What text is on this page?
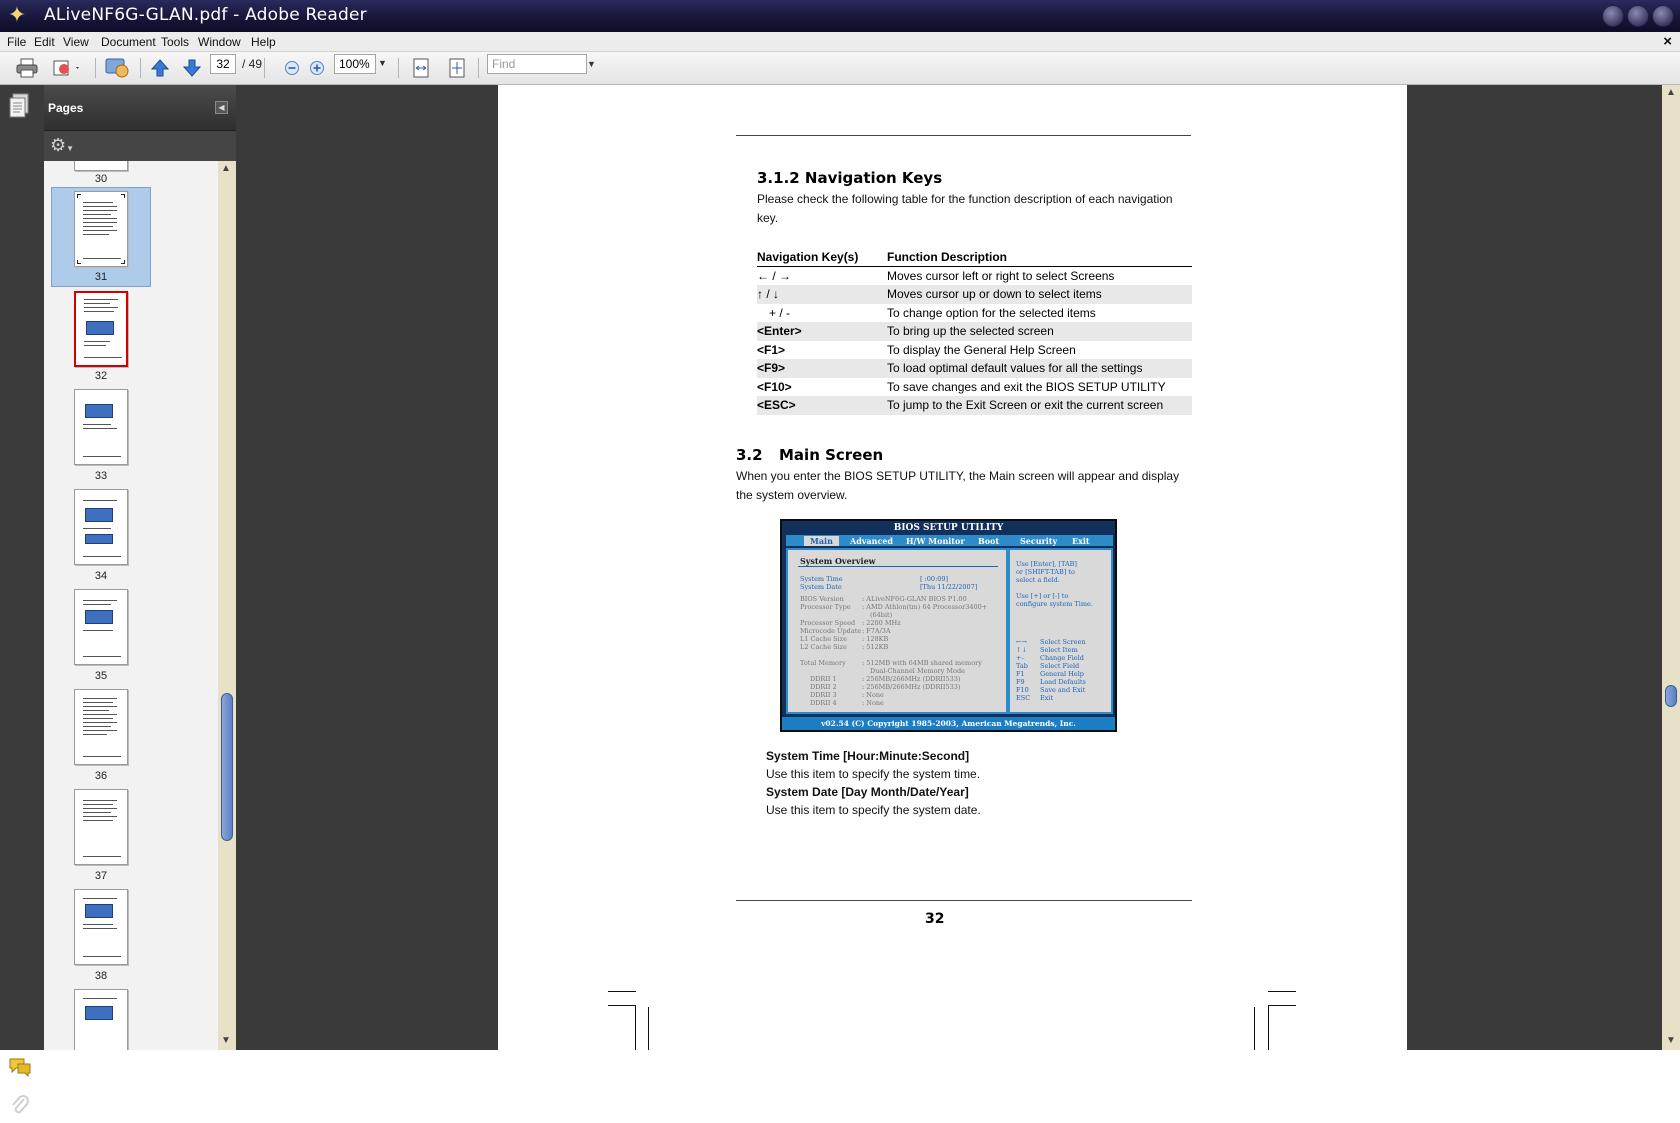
✦ ALiveNF6G-GLAN.pdf - Adobe Reader
File Edit View Document Tools Window Help	×
32
/ 49	100% ▼	Find	▼
Pages	◀
⚙▼
30
31
32
33
34
35
36
37
38
▲
▼
3.1.2 Navigation Keys
Please check the following table for the function description of each navigation key.
Navigation Key(s)	Function Description
← / →	Moves cursor left or right to select Screens
↑ / ↓	Moves cursor up or down to select items
+ / -	To change option for the selected items
<Enter>	To bring up the selected screen
<F1>	To display the General Help Screen
<F9>	To load optimal default values for all the settings
<F10>	To save changes and exit the BIOS SETUP UTILITY
<ESC>	To jump to the Exit Screen or exit the current screen
3.2 Main Screen
When you enter the BIOS SETUP UTILITY, the Main screen will appear and display the system overview.
BIOS SETUP UTILITY
Main	Advanced H/W Monitor Boot	Security Exit
System Overview
System Time	[ :00:09]
System Date	[Thu 11/22/2007]
BIOS Version	: ALiveNF6G-GLAN BIOS P1.00
Processor Type : AMD Athlon(tm) 64 Processor3400+
(64bit)
Processor Speed : 2200 MHz
Microcode Update : F7A/3A
L1 Cache Size : 128KB
L2 Cache Size : 512KB
Total Memory	: 512MB with 64MB shared memory
Dual-Channel Memory Mode
DDRII 1	: 256MB/266MHz (DDRII533)
DDRII 2	: 256MB/266MHz (DDRII533)
DDRII 3	: None
DDRII 4	: None
Use [Enter], [TAB]
or [SHIFT-TAB] to
select a field.
Use [+] or [-] to
configure system Time.
←→ Select Screen
↑↓ Select Item
+-	Change Field
Tab Select Field
F1 General Help
F9 Load Defaults
F10 Save and Exit
ESC Exit
v02.54 (C) Copyright 1985-2003, American Megatrends, Inc.
System Time [Hour:Minute:Second]
Use this item to specify the system time.
System Date [Day Month/Date/Year]
Use this item to specify the system date.
32
▲
▼
